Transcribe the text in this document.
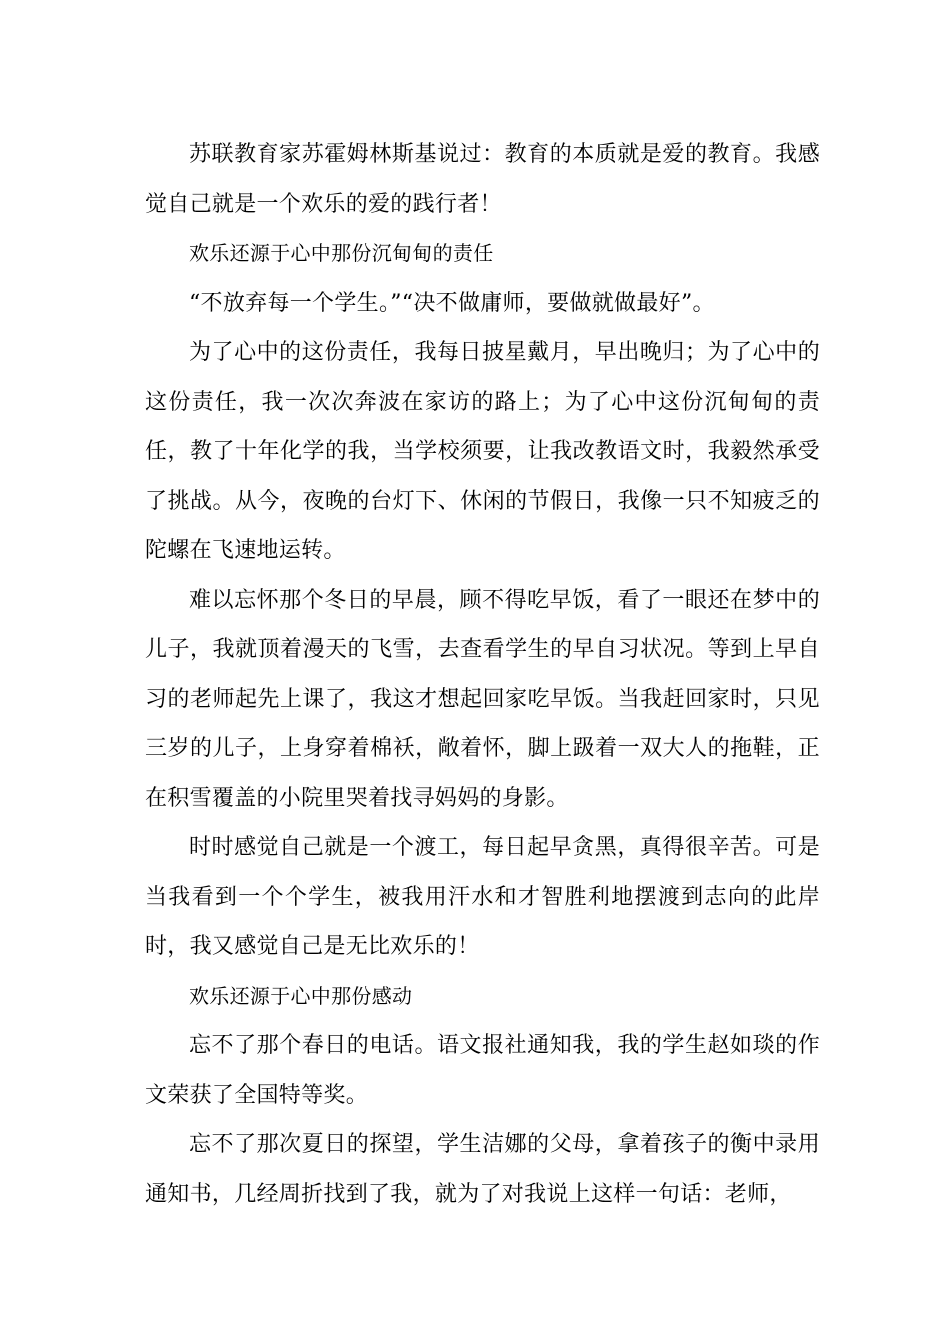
苏联教育家苏霍姆林斯基说过：教育的本质就是爱的教育。我感觉自己就是一个欢乐的爱的践行者！

欢乐还源于心中那份沉甸甸的责任

“不放弃每一个学生。”“决不做庸师，要做就做最好”。

为了心中的这份责任，我每日披星戴月，早出晚归；为了心中的这份责任，我一次次奔波在家访的路上；为了心中这份沉甸甸的责任，教了十年化学的我，当学校须要，让我改教语文时，我毅然承受了挑战。从今，夜晚的台灯下、休闲的节假日，我像一只不知疲乏的陀螺在飞速地运转。

难以忘怀那个冬日的早晨，顾不得吃早饭，看了一眼还在梦中的儿子，我就顶着漫天的飞雪，去查看学生的早自习状况。等到上早自习的老师起先上课了，我这才想起回家吃早饭。当我赶回家时，只见三岁的儿子，上身穿着棉袄，敞着怀，脚上趿着一双大人的拖鞋，正在积雪覆盖的小院里哭着找寻妈妈的身影。

时时感觉自己就是一个渡工，每日起早贪黑，真得很辛苦。可是当我看到一个个学生，被我用汗水和才智胜利地摆渡到志向的此岸时，我又感觉自己是无比欢乐的！

欢乐还源于心中那份感动

忘不了那个春日的电话。语文报社通知我，我的学生赵如琰的作文荣获了全国特等奖。

忘不了那次夏日的探望，学生洁娜的父母，拿着孩子的衡中录用通知书，几经周折找到了我，就为了对我说上这样一句话：老师，
